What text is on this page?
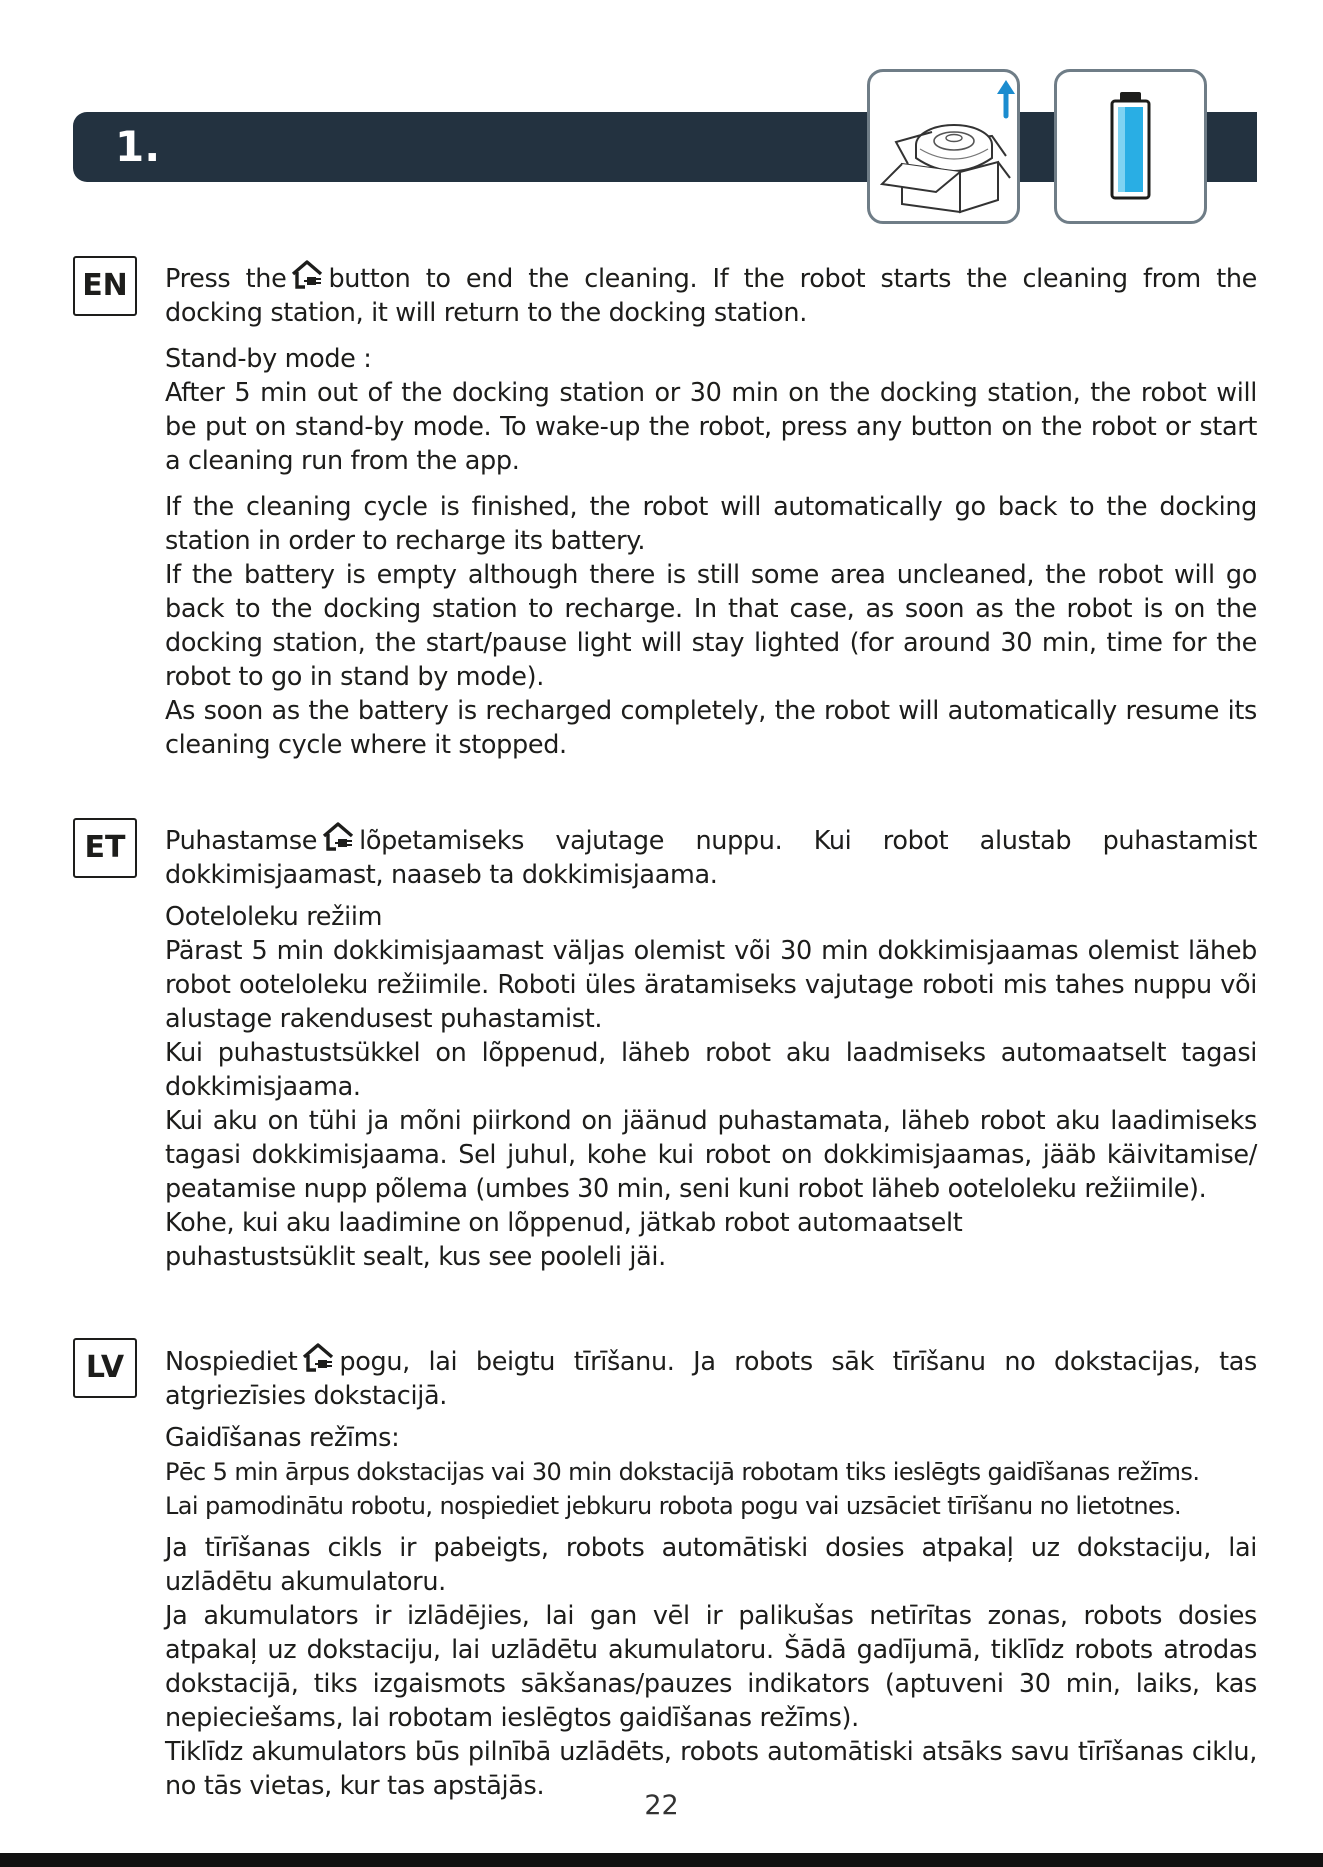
1.
EN	Press the button to end the cleaning. If the robot starts the cleaning from the docking station, it will return to the docking station.

Stand-by mode :

After 5 min out of the docking station or 30 min on the docking station, the robot will be put on stand-by mode. To wake-up the robot, press any button on the robot or start a cleaning run from the app.

If the cleaning cycle is finished, the robot will automatically go back to the docking station in order to recharge its battery.

If the battery is empty although there is still some area uncleaned, the robot will go back to the docking station to recharge. In that case, as soon as the robot is on the docking station, the start/pause light will stay lighted (for around 30 min, time for the robot to go in stand by mode).

As soon as the battery is recharged completely, the robot will automatically resume its cleaning cycle where it stopped.

ET	Puhastamse lõpetamiseks vajutage nuppu. Kui robot alustab puhastamist dokkimisjaamast, naaseb ta dokkimisjaama.

Ooteloleku režiim

Pärast 5 min dokkimisjaamast väljas olemist või 30 min dokkimisjaamas olemist läheb robot ooteloleku režiimile. Roboti üles äratamiseks vajutage roboti mis tahes nuppu või alustage rakendusest puhastamist.

Kui puhastustsükkel on lõppenud, läheb robot aku laadmiseks automaatselt tagasi dokkimisjaama.

Kui aku on tühi ja mõni piirkond on jäänud puhastamata, läheb robot aku laadimiseks tagasi dokkimisjaama. Sel juhul, kohe kui robot on dokkimisjaamas, jääb käivitamise/ peatamise nupp põlema (umbes 30 min, seni kuni robot läheb ooteloleku režiimile).

Kohe, kui aku laadimine on lõppenud, jätkab robot automaatselt

puhastustsüklit sealt, kus see pooleli jäi.

LV	Nospiediet pogu, lai beigtu tīrīšanu. Ja robots sāk tīrīšanu no dokstacijas, tas atgriezīsies dokstacijā.

Gaidīšanas režīms:

Pēc 5 min ārpus dokstacijas vai 30 min dokstacijā robotam tiks ieslēgts gaidīšanas režīms.

Lai pamodinātu robotu, nospiediet jebkuru robota pogu vai uzsāciet tīrīšanu no lietotnes.

Ja tīrīšanas cikls ir pabeigts, robots automātiski dosies atpakaļ uz dokstaciju, lai uzlādētu akumulatoru.

Ja akumulators ir izlādējies, lai gan vēl ir palikušas netīrītas zonas, robots dosies atpakaļ uz dokstaciju, lai uzlādētu akumulatoru. Šādā gadījumā, tiklīdz robots atrodas dokstacijā, tiks izgaismots sākšanas/pauzes indikators (aptuveni 30 min, laiks, kas nepieciešams, lai robotam ieslēgtos gaidīšanas režīms).

Tiklīdz akumulators būs pilnībā uzlādēts, robots automātiski atsāks savu tīrīšanas ciklu, no tās vietas, kur tas apstājās.

22
